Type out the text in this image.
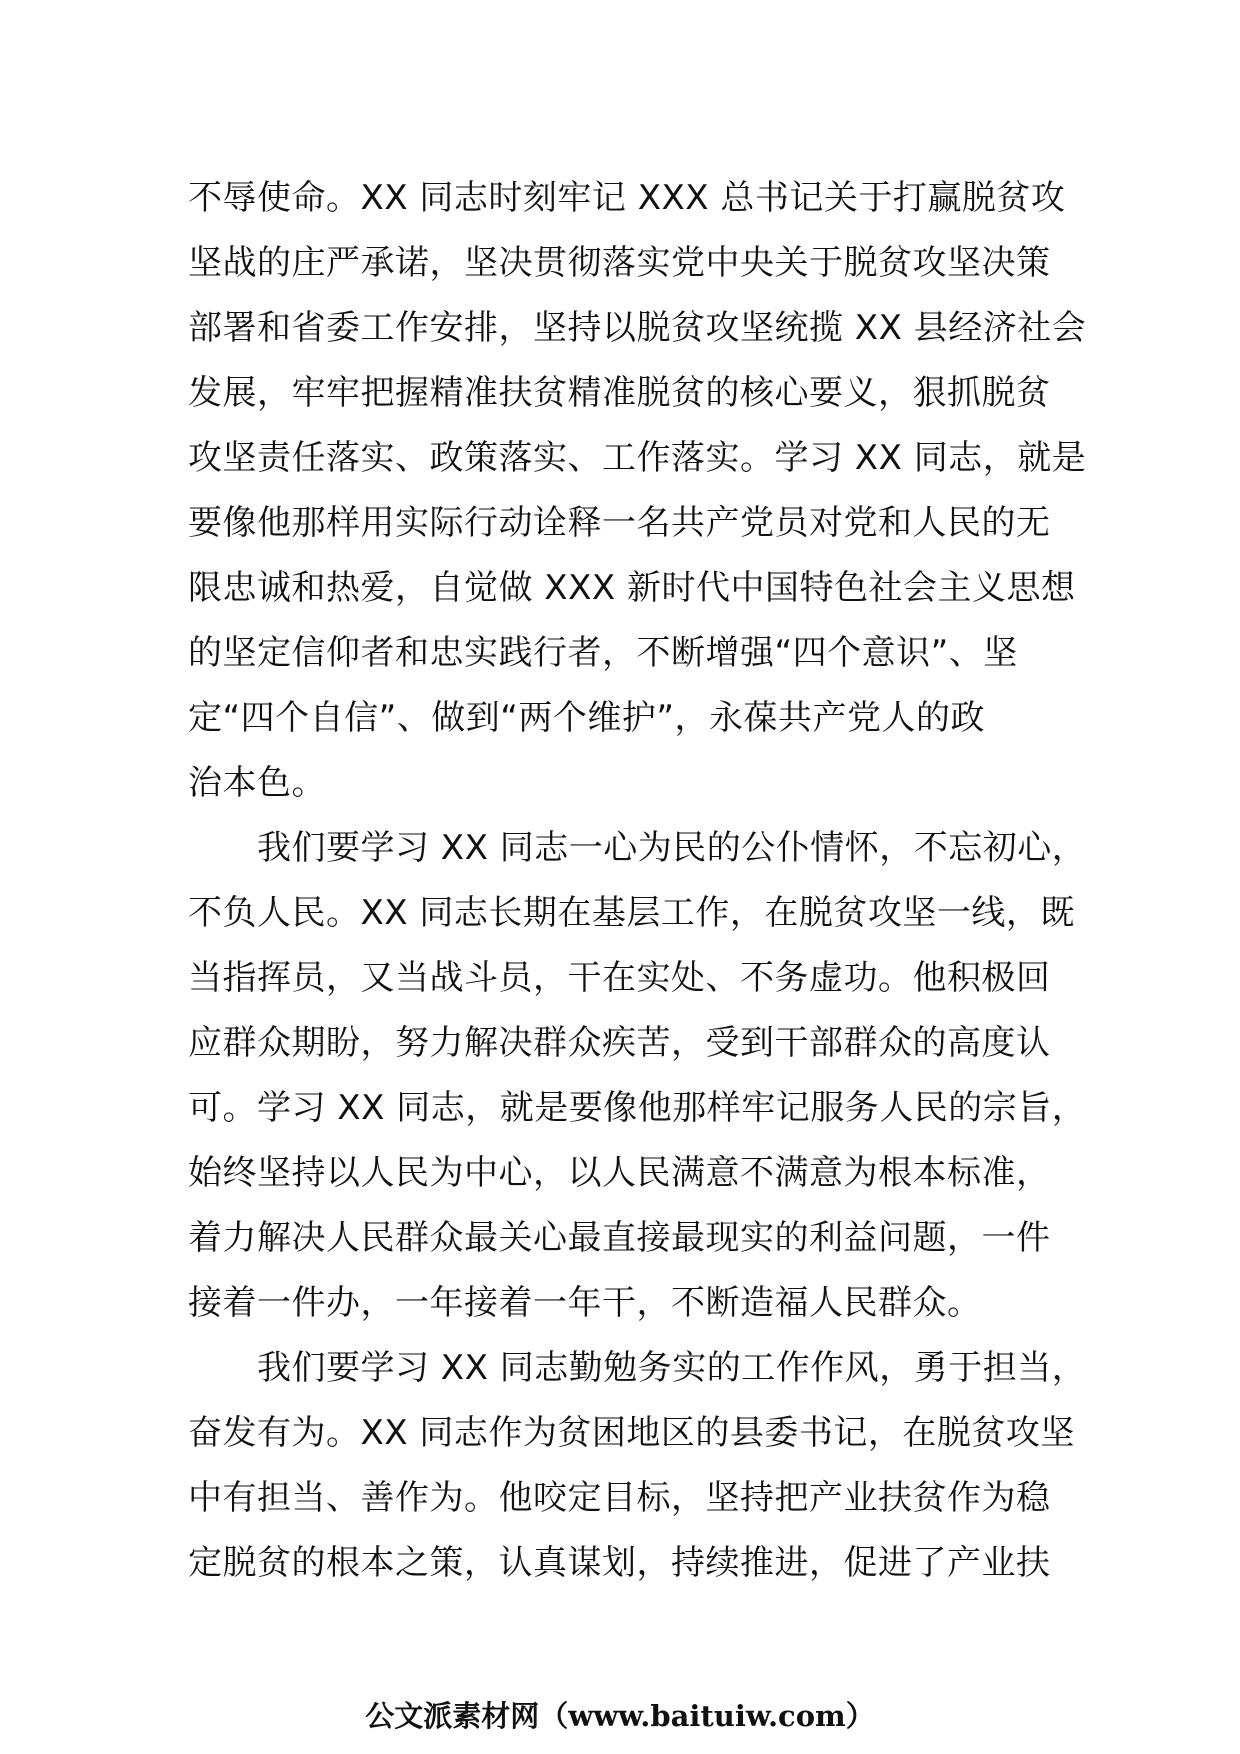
不辱使命。XX 同志时刻牢记 XXX 总书记关于打赢脱贫攻
坚战的庄严承诺，坚决贯彻落实党中央关于脱贫攻坚决策
部署和省委工作安排，坚持以脱贫攻坚统揽 XX 县经济社会
发展，牢牢把握精准扶贫精准脱贫的核心要义，狠抓脱贫
攻坚责任落实、政策落实、工作落实。学习 XX 同志，就是
要像他那样用实际行动诠释一名共产党员对党和人民的无
限忠诚和热爱，自觉做 XXX 新时代中国特色社会主义思想
的坚定信仰者和忠实践行者，不断增强“四个意识”、坚
定“四个自信”、做到“两个维护”，永葆共产党人的政
治本色。
　　我们要学习 XX 同志一心为民的公仆情怀，不忘初心，
不负人民。XX 同志长期在基层工作，在脱贫攻坚一线，既
当指挥员，又当战斗员，干在实处、不务虚功。他积极回
应群众期盼，努力解决群众疾苦，受到干部群众的高度认
可。学习 XX 同志，就是要像他那样牢记服务人民的宗旨，
始终坚持以人民为中心，以人民满意不满意为根本标准，
着力解决人民群众最关心最直接最现实的利益问题，一件
接着一件办，一年接着一年干，不断造福人民群众。
　　我们要学习 XX 同志勤勉务实的工作作风，勇于担当，
奋发有为。XX 同志作为贫困地区的县委书记，在脱贫攻坚
中有担当、善作为。他咬定目标，坚持把产业扶贫作为稳
定脱贫的根本之策，认真谋划，持续推进，促进了产业扶
公文派素材网（www.baituiw.com）
